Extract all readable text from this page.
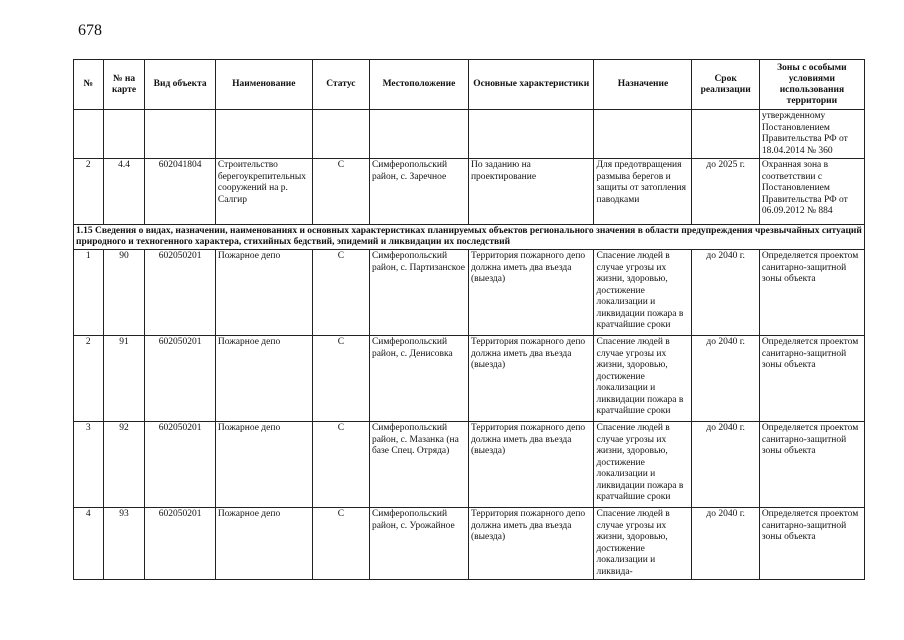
678
№	№ на карте	Вид объекта	Наименование	Статус	Местоположение	Основные характеристики	Назначение	Срок реализации	Зоны с особыми условиями использования территории
									утвержденному Постановлением Правительства РФ от 18.04.2014 № 360
2	4.4	602041804	Строительство берегоукрепительных сооружений на р. Салгир	С	Симферопольский район, с. Заречное	По заданию на проектирование	Для предотвращения размыва берегов и защиты от затопления паводками	до 2025 г.	Охранная зона в соответствии с Постановлением Правительства РФ от 06.09.2012 № 884
1.15 Сведения о видах, назначении, наименованиях и основных характеристиках планируемых объектов регионального значения в области предупреждения чрезвычайных ситуаций природного и техногенного характера, стихийных бедствий, эпидемий и ликвидации их последствий									
1	90	602050201	Пожарное депо	С	Симферопольский район, с. Партизанское	Территория пожарного депо должна иметь два въезда (выезда)	Спасение людей в случае угрозы их жизни, здоровью, достижение локализации и ликвидации пожара в кратчайшие сроки	до 2040 г.	Определяется проектом санитарно-защитной зоны объекта
2	91	602050201	Пожарное депо	С	Симферопольский район, с. Денисовка	Территория пожарного депо должна иметь два въезда (выезда)	Спасение людей в случае угрозы их жизни, здоровью, достижение локализации и ликвидации пожара в кратчайшие сроки	до 2040 г.	Определяется проектом санитарно-защитной зоны объекта
3	92	602050201	Пожарное депо	С	Симферопольский район, с. Мазанка (на базе Спец. Отряда)	Территория пожарного депо должна иметь два въезда (выезда)	Спасение людей в случае угрозы их жизни, здоровью, достижение локализации и ликвидации пожара в кратчайшие сроки	до 2040 г.	Определяется проектом санитарно-защитной зоны объекта
4	93	602050201	Пожарное депо	С	Симферопольский район, с. Урожайное	Территория пожарного депо должна иметь два въезда (выезда)	Спасение людей в случае угрозы их жизни, здоровью, достижение локализации и ликвида-	до 2040 г.	Определяется проектом санитарно-защитной зоны объекта
